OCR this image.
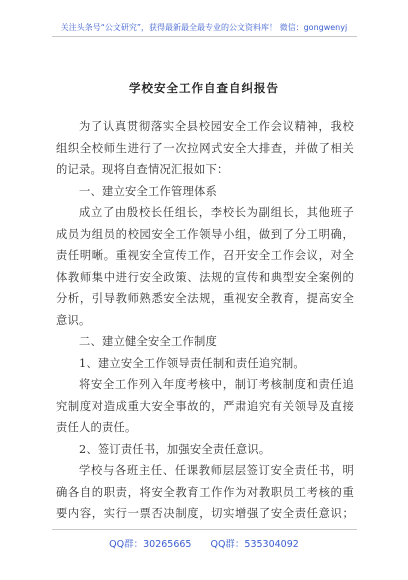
关注头条号“公文研究”，获得最新最全最专业的公文资料库！ 微信：gongwenyj
学校安全工作自查自纠报告
为了认真贯彻落实全县校园安全工作会议精神，我校
组织全校师生进行了一次拉网式安全大排查，并做了相关
的记录。现将自查情况汇报如下：
一、建立安全工作管理体系
成立了由殷校长任组长，李校长为副组长，其他班子
成员为组员的校园安全工作领导小组，做到了分工明确，
责任明晰。重视安全宣传工作，召开安全工作会议，对全
体教师集中进行安全政策、法规的宣传和典型安全案例的
分析，引导教师熟悉安全法规，重视安全教育，提高安全
意识。
二、建立健全安全工作制度
1、建立安全工作领导责任制和责任追究制。
将安全工作列入年度考核中，制订考核制度和责任追
究制度对造成重大安全事故的，严肃追究有关领导及直接
责任人的责任。
2、签订责任书，加强安全责任意识。
学校与各班主任、任课教师层层签订安全责任书，明
确各自的职责，将安全教育工作作为对教职员工考核的重
要内容，实行一票否决制度，切实增强了安全责任意识；
QQ群：30265665　　QQ群：535304092
